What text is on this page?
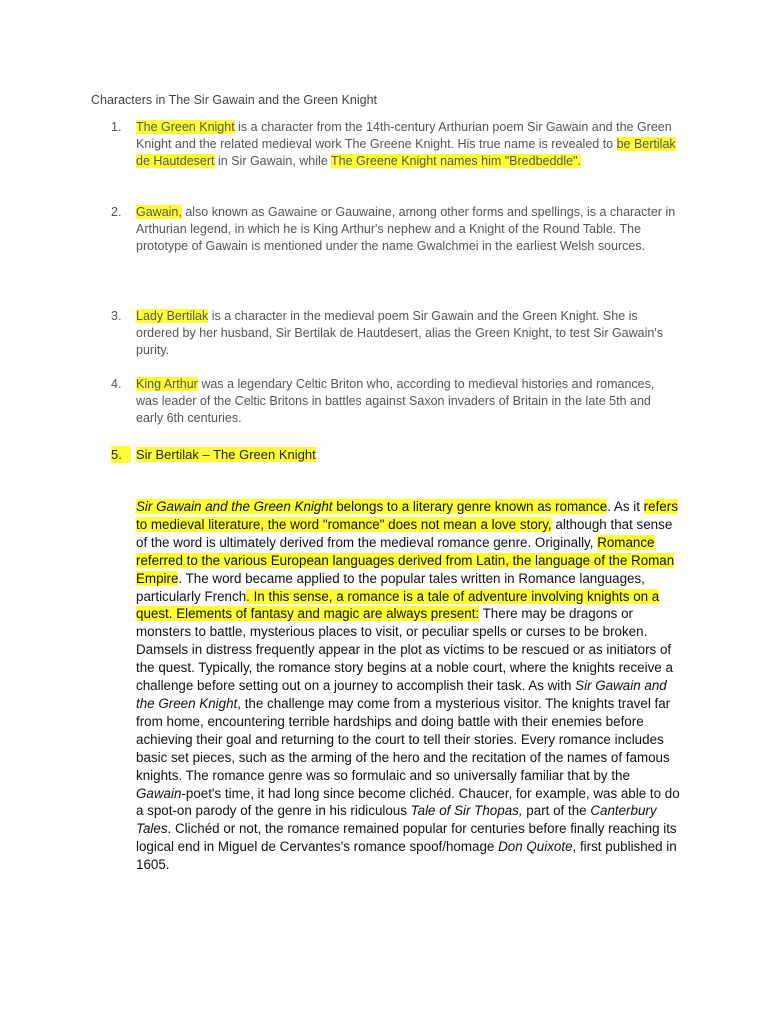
Characters in The Sir Gawain and the Green Knight
1. The Green Knight is a character from the 14th-century Arthurian poem Sir Gawain and the Green Knight and the related medieval work The Greene Knight. His true name is revealed to be Bertilak de Hautdesert in Sir Gawain, while The Greene Knight names him "Bredbeddle".
2. Gawain, also known as Gawaine or Gauwaine, among other forms and spellings, is a character in Arthurian legend, in which he is King Arthur's nephew and a Knight of the Round Table. The prototype of Gawain is mentioned under the name Gwalchmei in the earliest Welsh sources.
3. Lady Bertilak is a character in the medieval poem Sir Gawain and the Green Knight. She is ordered by her husband, Sir Bertilak de Hautdesert, alias the Green Knight, to test Sir Gawain's purity.
4. King Arthur was a legendary Celtic Briton who, according to medieval histories and romances, was leader of the Celtic Britons in battles against Saxon invaders of Britain in the late 5th and early 6th centuries.
5.	Sir Bertilak – The Green Knight

Sir Gawain and the Green Knight belongs to a literary genre known as romance. As it refers to medieval literature, the word "romance" does not mean a love story, although that sense of the word is ultimately derived from the medieval romance genre. Originally, Romance referred to the various European languages derived from Latin, the language of the Roman Empire. The word became applied to the popular tales written in Romance languages, particularly French. In this sense, a romance is a tale of adventure involving knights on a quest. Elements of fantasy and magic are always present: There may be dragons or monsters to battle, mysterious places to visit, or peculiar spells or curses to be broken. Damsels in distress frequently appear in the plot as victims to be rescued or as initiators of the quest. Typically, the romance story begins at a noble court, where the knights receive a challenge before setting out on a journey to accomplish their task. As with Sir Gawain and the Green Knight, the challenge may come from a mysterious visitor. The knights travel far from home, encountering terrible hardships and doing battle with their enemies before achieving their goal and returning to the court to tell their stories. Every romance includes basic set pieces, such as the arming of the hero and the recitation of the names of famous knights. The romance genre was so formulaic and so universally familiar that by the Gawain-poet's time, it had long since become clichéd. Chaucer, for example, was able to do a spot-on parody of the genre in his ridiculous Tale of Sir Thopas, part of the Canterbury Tales. Clichéd or not, the romance remained popular for centuries before finally reaching its logical end in Miguel de Cervantes's romance spoof/homage Don Quixote, first published in 1605.
